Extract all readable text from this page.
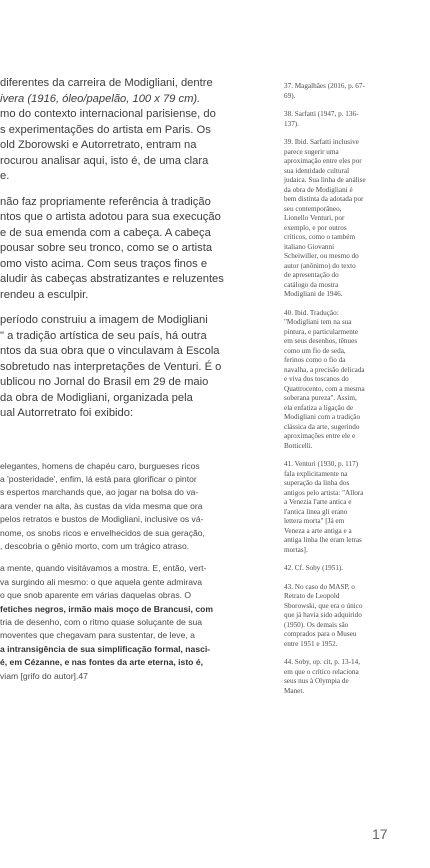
diferentes da carreira de Modigliani, dentre

ivera (1916, óleo/papelão, 100 x 79 cm).

mo do contexto internacional parisiense, do

s experimentações do artista em Paris. Os

old Zborowski e Autorretrato, entram na

rocurou analisar aqui, isto é, de uma clara

e.

não faz propriamente referência à tradição

ntos que o artista adotou para sua execução

e de sua emenda com a cabeça. A cabeça

pousar sobre seu tronco, como se o artista

omo visto acima. Com seus traços finos e

aludir às cabeças abstratizantes e reluzentes

rendeu a esculpir.

período construiu a imagem de Modigliani

" a tradição artística de seu país, há outra

ntos da sua obra que o vinculavam à Escola

sobretudo nas interpretações de Venturi. É o

ublicou no Jornal do Brasil em 29 de maio

da obra de Modigliani, organizada pela

ual Autorretrato foi exibido:

elegantes, homens de chapéu caro, burgueses ricos

a 'posteridade', enfim, lá está para glorificar o pintor

s espertos marchands que, ao jogar na bolsa do va-

ara vender na alta, às custas da vida mesma que ora

pelos retratos e bustos de Modigliani, inclusive os vá-

nome, os snobs ricos e envelhecidos de sua geração,

, descobria o gênio morto, com um trágico atraso.

a mente, quando visitávamos a mostra. E, então, vert-

va surgindo ali mesmo: o que aquela gente admirava

o que snob aparente em várias daquelas obras. O

fetiches negros, irmão mais moço de Brancusi, com

tria de desenho, com o ritmo quase soluçante de sua

moventes que chegavam para sustentar, de leve, a

a intransigência de sua simplificação formal, nasci-

é, em Cézanne, e nas fontes da arte eterna, isto é,

viam [grifo do autor].47

37. Magalhães (2016, p. 67-

69).

38. Sarfatti (1947, p. 136-

137).

39. Ibid. Sarfatti inclusive

parece sugerir uma

aproximação entre eles por

sua identidade cultural

judaica. Sua linha de análise

da obra de Modigliani é

bem distinta da adotada por

seu contemporâneo,

Lionello Venturi, por

exemplo, e por outros

críticos, como o também

italiano Giovanni

Scheiwiller, ou mesmo do

autor (anônimo) do texto

de apresentação do

catálogo da mostra

Modigliani de 1946.

40. Ibid. Tradução:

"Modigliani tem na sua

pintura, e particularmente

em seus desenhos, tênues

como um fio de seda,

ferinos como o fio da

navalha, a precisão delicada

e viva dos toscanos do

Quattrocento, com a mesma

soberana pureza". Assim,

ela enfatiza a ligação de

Modigliani com a tradição

clássica da arte, sugerindo

aproximações entre ele e

Botticelli.

41. Venturi (1930, p. 117)

fala explicitamente na

superação da linha dos

antigos pelo artista: "Allora

a Venezia l'arte antica e

l'antica linea gli erano

lettera morta" [Já em

Veneza a arte antiga e a

antiga linha lhe eram letras

mortas].

42. Cf. Soby (1951).

43. No caso do MASP, o

Retrato de Leopold

Sborowski, que era o único

que já havia sido adquirido

(1950). Os demais são

comprados para o Museu

entre 1951 e 1952.

44. Soby, op. cit, p. 13-14,

em que o crítico relaciona

seus nus à Olympia de

Manet.

17
